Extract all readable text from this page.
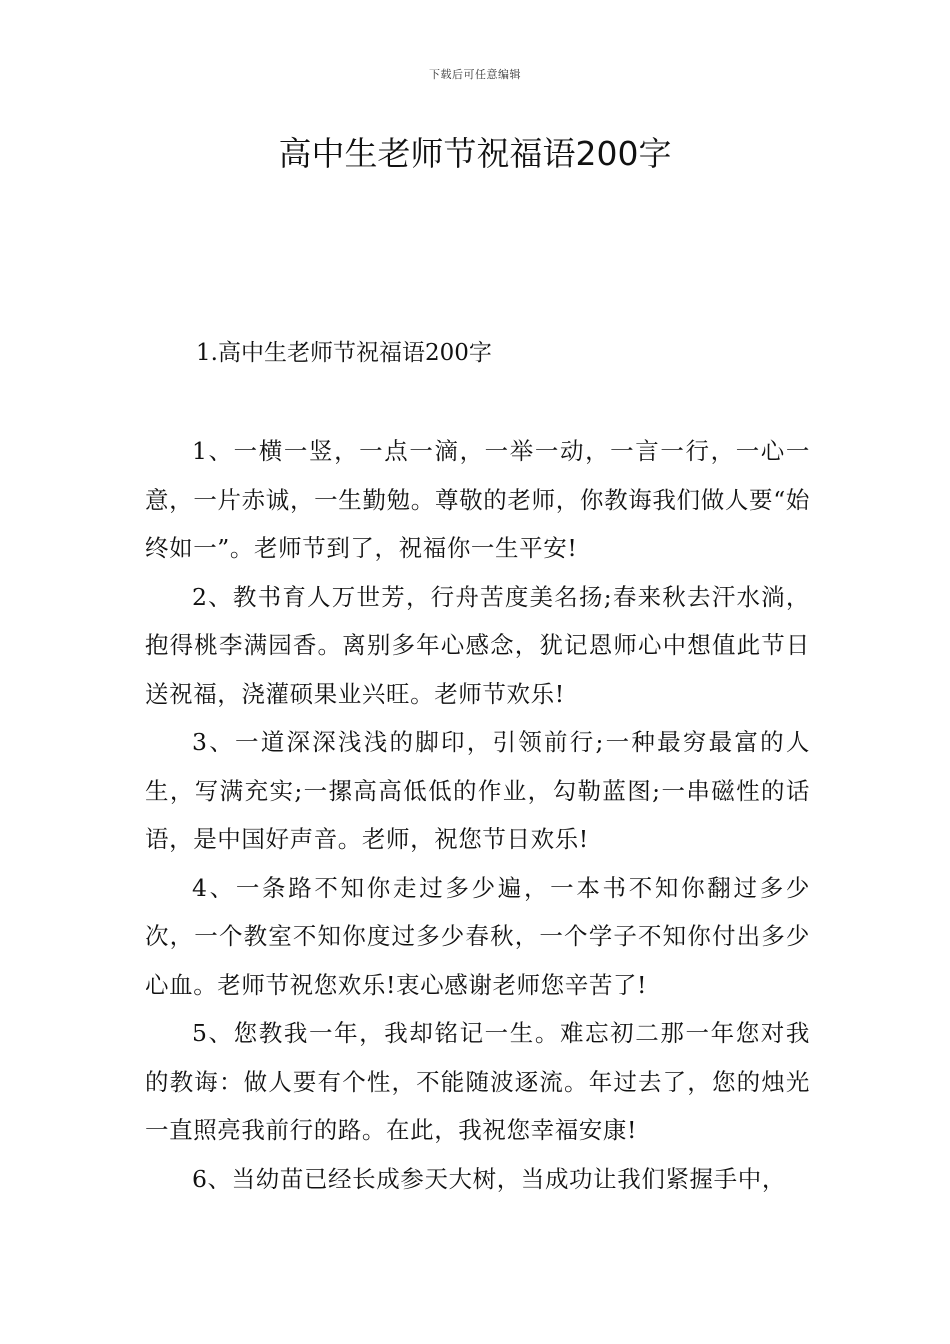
下载后可任意编辑
高中生老师节祝福语200字
1.高中生老师节祝福语200字

1、一横一竖，一点一滴，一举一动，一言一行，一心一意，一片赤诚，一生勤勉。尊敬的老师，你教诲我们做人要“始终如一”。老师节到了，祝福你一生平安!

2、教书育人万世芳，行舟苦度美名扬;春来秋去汗水淌，抱得桃李满园香。离别多年心感念，犹记恩师心中想值此节日送祝福，浇灌硕果业兴旺。老师节欢乐!

3、一道深深浅浅的脚印，引领前行;一种最穷最富的人生，写满充实;一摞高高低低的作业，勾勒蓝图;一串磁性的话语，是中国好声音。老师，祝您节日欢乐!

4、一条路不知你走过多少遍，一本书不知你翻过多少次，一个教室不知你度过多少春秋，一个学子不知你付出多少心血。老师节祝您欢乐!衷心感谢老师您辛苦了!

5、您教我一年，我却铭记一生。难忘初二那一年您对我的教诲：做人要有个性，不能随波逐流。年过去了，您的烛光一直照亮我前行的路。在此，我祝您幸福安康!

6、当幼苗已经长成参天大树，当成功让我们紧握手中，
